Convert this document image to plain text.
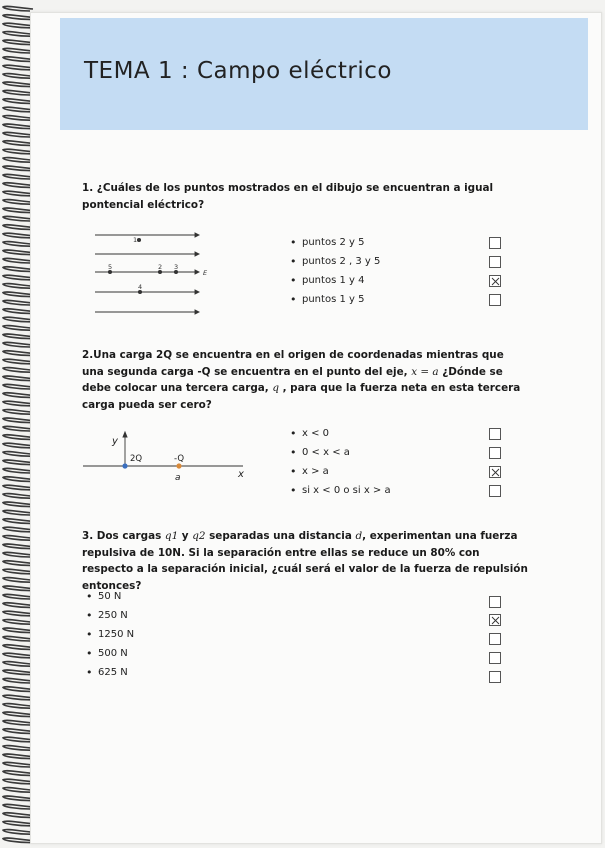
TEMA 1 : Campo eléctrico
1. ¿Cuáles de los puntos mostrados en el dibujo se encuentran a igual pontencial eléctrico?
1
5	2 3
4
E
• puntos 2 y 5
• puntos 2 , 3 y 5
• puntos 1 y 4
• puntos 1 y 5
2.Una carga 2Q se encuentra en el origen de coordenadas mientras que una segunda carga -Q se encuentra en el punto del eje, x = a ¿Dónde se debe colocar una tercera carga, q , para que la fuerza neta en esta tercera carga pueda ser cero?
y
x
2Q	-Q
a
• x < 0
• 0 < x < a
• x > a
• si x < 0 o si x > a
3. Dos cargas q1 y q2 separadas una distancia d, experimentan una fuerza repulsiva de 10N. Si la separación entre ellas se reduce un 80% con respecto a la separación inicial, ¿cuál será el valor de la fuerza de repulsión entonces?
• 50 N
• 250 N
• 1250 N
• 500 N
• 625 N
